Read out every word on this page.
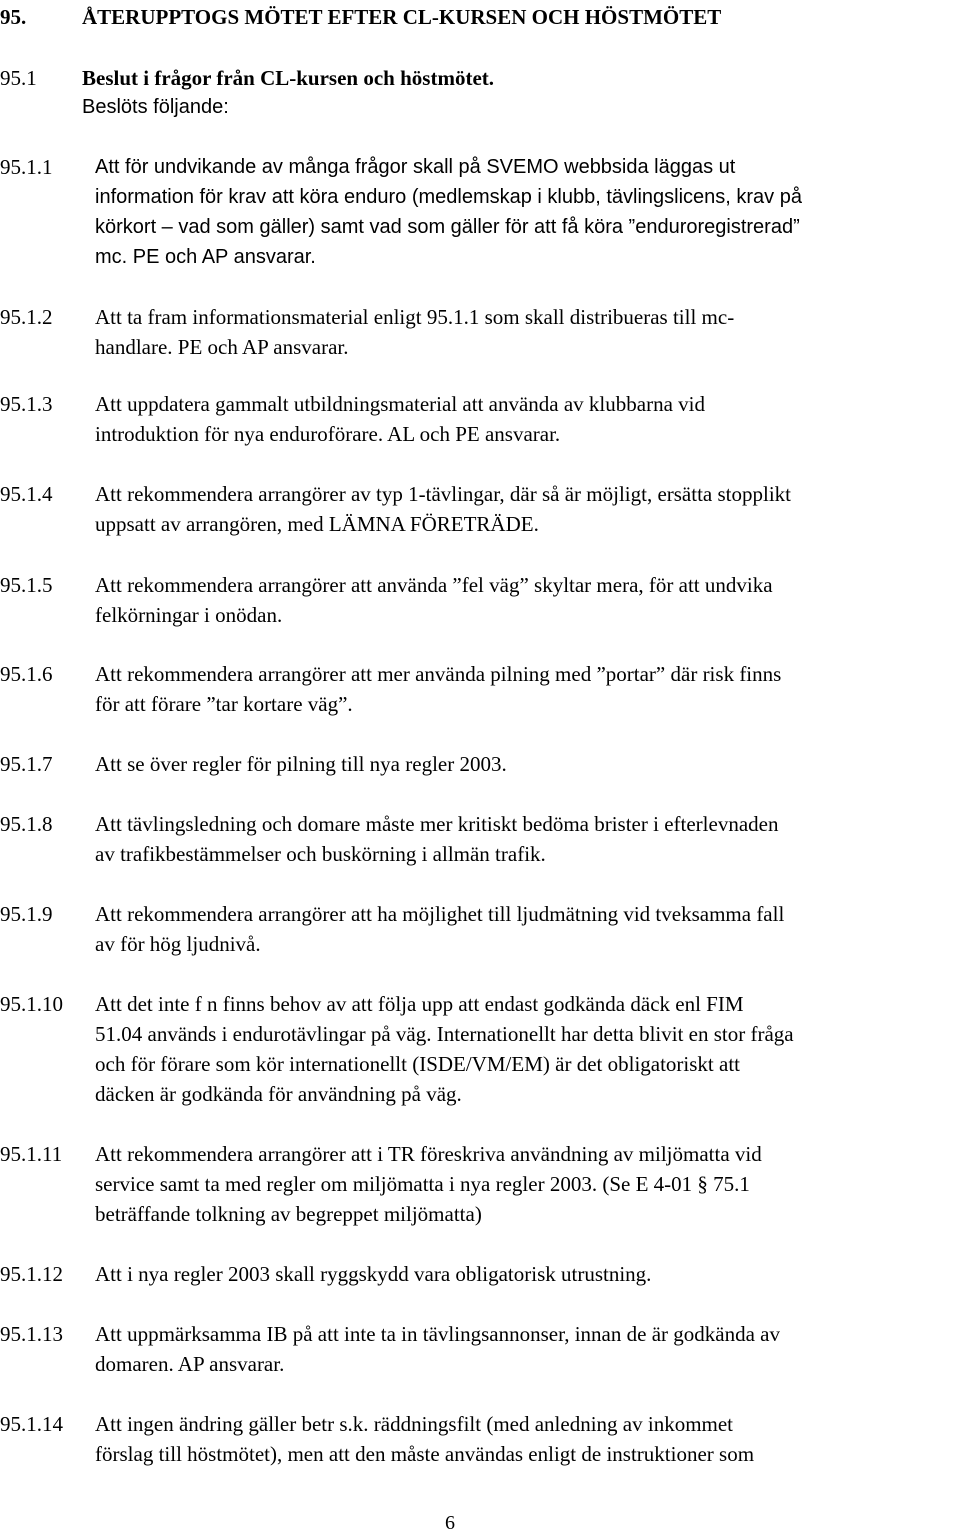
95.	ÅTERUPPTOGS MÖTET EFTER CL-KURSEN OCH HÖSTMÖTET
95.1 Beslut i frågor från CL-kursen och höstmötet.
Beslöts följande:
95.1.1 Att för undvikande av många frågor skall på SVEMO webbsida läggas ut
information för krav att köra enduro (medlemskap i klubb, tävlingslicens, krav på
körkort – vad som gäller) samt vad som gäller för att få köra ”enduroregistrerad”
mc. PE och AP ansvarar.
95.1.2 Att ta fram informationsmaterial enligt 95.1.1 som skall distribueras till mc-
handlare. PE och AP ansvarar.
95.1.3 Att uppdatera gammalt utbildningsmaterial att använda av klubbarna vid
introduktion för nya enduroförare. AL och PE ansvarar.
95.1.4 Att rekommendera arrangörer av typ 1-tävlingar, där så är möjligt, ersätta stopplikt
uppsatt av arrangören, med LÄMNA FÖRETRÄDE.
95.1.5 Att rekommendera arrangörer att använda ”fel väg” skyltar mera, för att undvika
felkörningar i onödan.
95.1.6 Att rekommendera arrangörer att mer använda pilning med ”portar” där risk finns
för att förare ”tar kortare väg”.
95.1.7 Att se över regler för pilning till nya regler 2003.
95.1.8 Att tävlingsledning och domare måste mer kritiskt bedöma brister i efterlevnaden
av trafikbestämmelser och buskörning i allmän trafik.
95.1.9 Att rekommendera arrangörer att ha möjlighet till ljudmätning vid tveksamma fall
av för hög ljudnivå.
95.1.10 Att det inte f n finns behov av att följa upp att endast godkända däck enl FIM
51.04 används i endurotävlingar på väg. Internationellt har detta blivit en stor fråga
och för förare som kör internationellt (ISDE/VM/EM) är det obligatoriskt att
däcken är godkända för användning på väg.
95.1.11 Att rekommendera arrangörer att i TR föreskriva användning av miljömatta vid
service samt ta med regler om miljömatta i nya regler 2003. (Se E 4-01 § 75.1
beträffande tolkning av begreppet miljömatta)
95.1.12 Att i nya regler 2003 skall ryggskydd vara obligatorisk utrustning.
95.1.13 Att uppmärksamma IB på att inte ta in tävlingsannonser, innan de är godkända av
domaren. AP ansvarar.
95.1.14 Att ingen ändring gäller betr s.k. räddningsfilt (med anledning av inkommet
förslag till höstmötet), men att den måste användas enligt de instruktioner som
6
